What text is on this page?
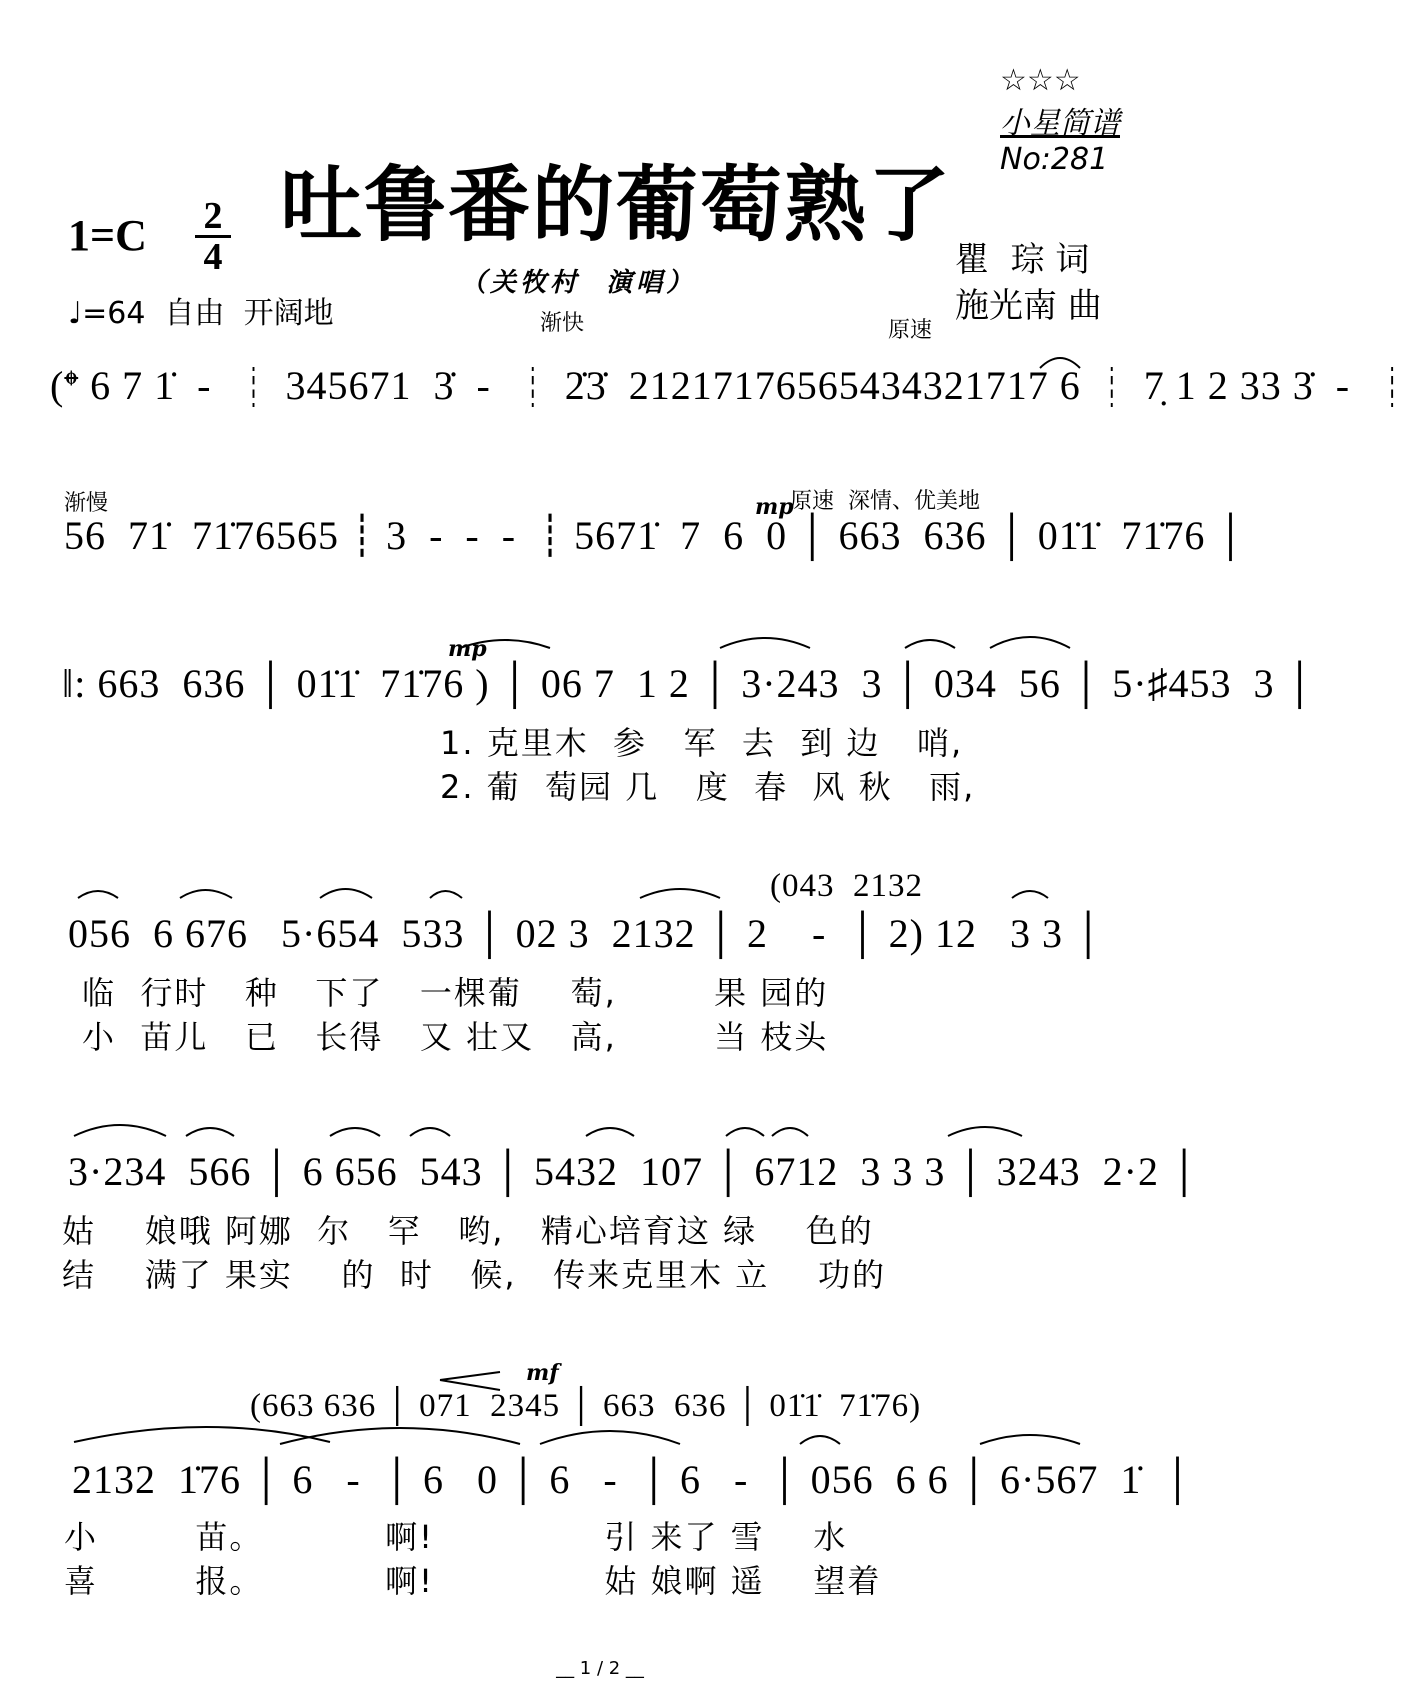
☆☆☆
小星简谱
No:281

吐鲁番的葡萄熟了
1=C 2
4
♩=64  自由  开阔地
（关牧村  演唱）
瞿  琮 词
施光南 曲
渐快	原速
(𝄌 6 7 1̇  -  ┊ 345671  3̇  -  ┊ 2̇3̇  21217176565434321717 6 ┊ 7̣ 1 2 33 3̇  -  ┊
渐慢	mp
原速  深情、优美地
56  71̇  71̇76565 ┊ 3  -  -  -  ┊ 5671̇  7  6  0 │ 663  636 │ 01̇1̇  71̇76 │
mp
‖: 663  636 │ 01̇1̇  71̇76 ) │ 06 7  1 2 │ 3·243  3 │ 034  56 │ 5·♯453  3 │
1. 克里木  参   军  去  到 边   哨,
2. 葡  萄园 几   度  春  风 秋   雨,
(043  2132
056  6 676   5·654  533 │ 02 3  2132 │ 2    -  │ 2) 12   3 3 │
临  行时   种   下了   一棵葡    萄,        果 园的
小  苗儿   已   长得   又 壮又   高,        当 枝头
3·234  566 │ 6 656  543 │ 5432  107 │ 6712  3 3 3 │ 3243  2·2 │
姑    娘哦 阿娜  尔   罕   哟,   精心培育这 绿    色的
结    满了 果实    的  时   候,   传来克里木 立    功的
mf
(663 636 │ 071  2345 │ 663  636 │ 01̇1̇  71̇76)
2132  1̇76 │ 6   -  │ 6   0 │ 6   -  │ 6   -  │ 056  6 6 │ 6·567  1̇  │
小        苗。          啊!              引 来了 雪    水
喜        报。          啊!              姑 娘啊 遥    望着
__ 1 / 2 __
